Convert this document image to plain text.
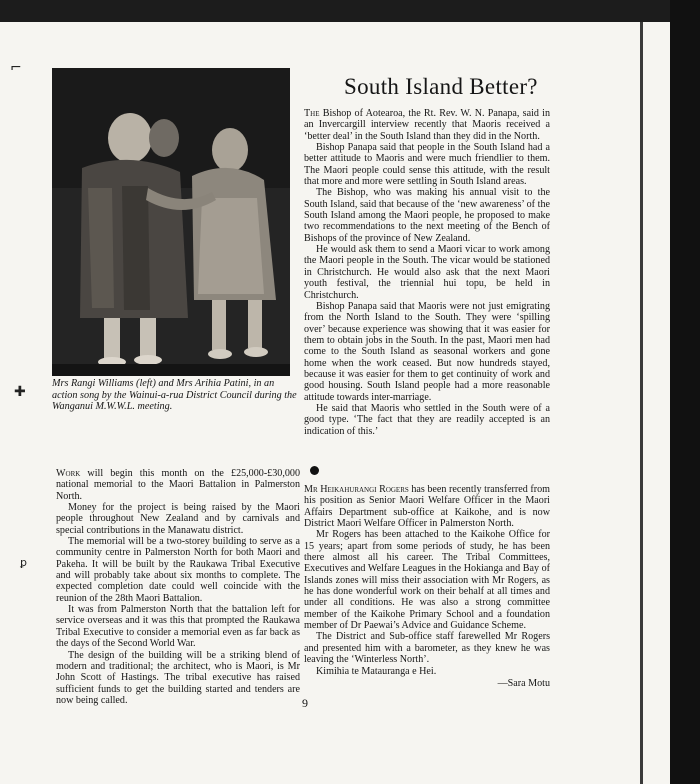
⌐
✚
ꝑ
Mrs Rangi Williams (left) and Mrs Arihia Patini, in an action song by the Wainui-a-rua District Council during the Wanganui M.W.W.L. meeting.
South Island Better?

The Bishop of Aotearoa, the Rt. Rev. W. N. Panapa, said in an Invercargill interview recently that Maoris received a ‘better deal’ in the South Island than they did in the North.

Bishop Panapa said that people in the South Island had a better attitude to Maoris and were much friendlier to them. The Maori people could sense this attitude, with the result that more and more were settling in South Island areas.

The Bishop, who was making his annual visit to the South Island, said that because of the ‘new awareness’ of the South Island among the Maori people, he proposed to make two recommendations to the next meeting of the Bench of Bishops of the province of New Zealand.

He would ask them to send a Maori vicar to work among the Maori people in the South. The vicar would be stationed in Christchurch. He would also ask that the next Maori youth festival, the triennial hui topu, be held in Christchurch.

Bishop Panapa said that Maoris were not just emigrating from the North Island to the South. They were ‘spilling over’ because experience was showing that it was easier for them to obtain jobs in the South. In the past, Maori men had come to the South Island as seasonal workers and gone home when the work ceased. But now hundreds stayed, because it was easier for them to get continuity of work and good housing. South Island people had a more reasonable attitude towards inter-marriage.

He said that Maoris who settled in the South were of a good type. ‘The fact that they are readily accepted is an indication of this.’

Work will begin this month on the £25,000-£30,000 national memorial to the Maori Battalion in Palmerston North.

Money for the project is being raised by the Maori people throughout New Zealand and by carnivals and special contributions in the Manawatu district.

The memorial will be a two-storey building to serve as a community centre in Palmerston North for both Maori and Pakeha. It will be built by the Raukawa Tribal Executive and will probably take about six months to complete. The expected completion date could well coincide with the reunion of the 28th Maori Battalion.

It was from Palmerston North that the battalion left for service overseas and it was this that prompted the Raukawa Tribal Executive to consider a memorial even as far back as the days of the Second World War.

The design of the building will be a striking blend of modern and traditional; the architect, who is Maori, is Mr John Scott of Hastings. The tribal executive has raised sufficient funds to get the building started and tenders are now being called.

Mr Heikahurangi Rogers has been recently transferred from his position as Senior Maori Welfare Officer in the Maori Affairs Department sub-office at Kaikohe, and is now District Maori Welfare Officer in Palmerston North.

Mr Rogers has been attached to the Kaikohe Office for 15 years; apart from some periods of study, he has been there almost all his career. The Tribal Committees, Executives and Welfare Leagues in the Hokianga and Bay of Islands zones will miss their association with Mr Rogers, as he has done wonderful work on their behalf at all times and under all conditions. He was also a strong committee member of the Kaikohe Primary School and a foundation member of Dr Paewai’s Advice and Guidance Scheme.

The District and Sub-office staff farewelled Mr Rogers and presented him with a barometer, as they knew he was leaving the ‘Winterless North’.

Kimihia te Matauranga e Hei.

—Sara Motu
9
